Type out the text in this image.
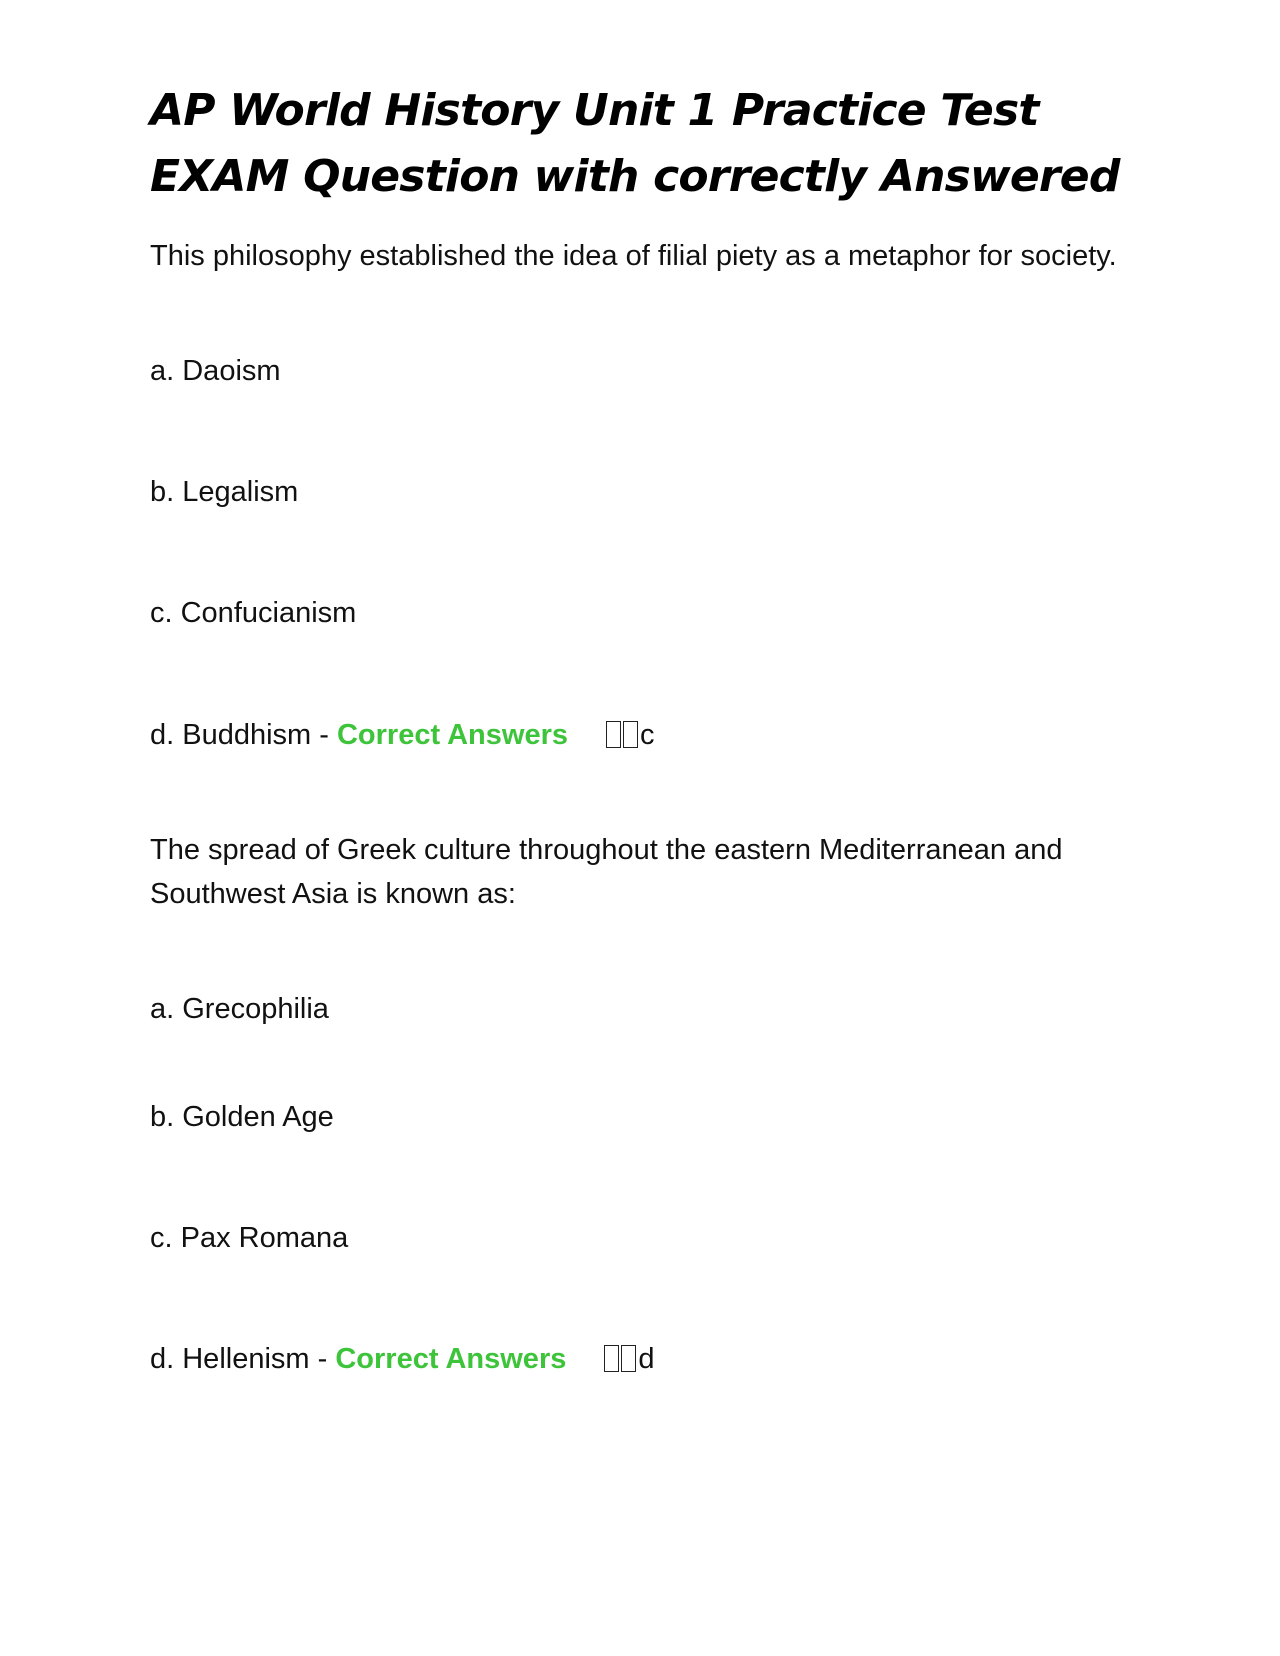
AP World History Unit 1 Practice Test
EXAM Question with correctly Answered

This philosophy established the idea of filial piety as a metaphor for society.

a. Daoism

b. Legalism

c. Confucianism

d. Buddhism - Correct Answers c

The spread of Greek culture throughout the eastern Mediterranean and Southwest Asia is known as:

a. Grecophilia

b. Golden Age

c. Pax Romana

d. Hellenism - Correct Answers d
